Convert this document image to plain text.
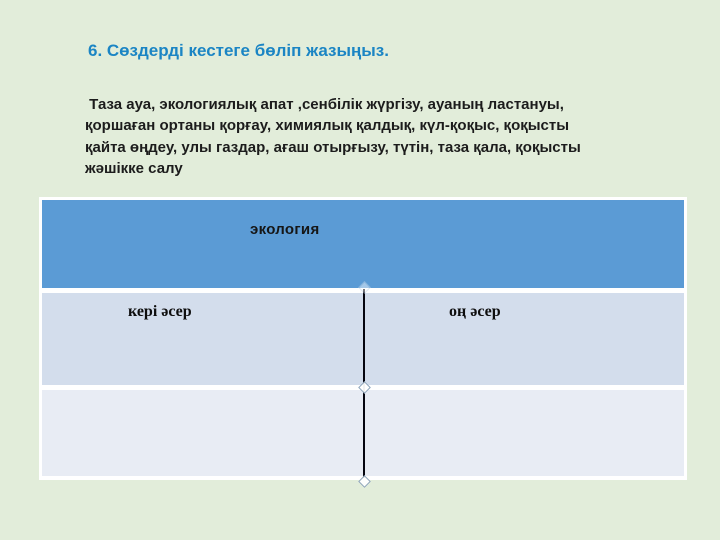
6. Сөздерді кестеге бөліп жазыңыз.
Таза ауа, экологиялық апат ,сенбілік жүргізу, ауаның ластануы,
қоршаған ортаны қорғау, химиялық қалдық, күл-қоқыс, қоқысты
қайта өңдеу, улы газдар, ағаш отырғызу, түтін, таза қала, қоқысты
жәшікке салу
экология
кері әсер	оң әсер
